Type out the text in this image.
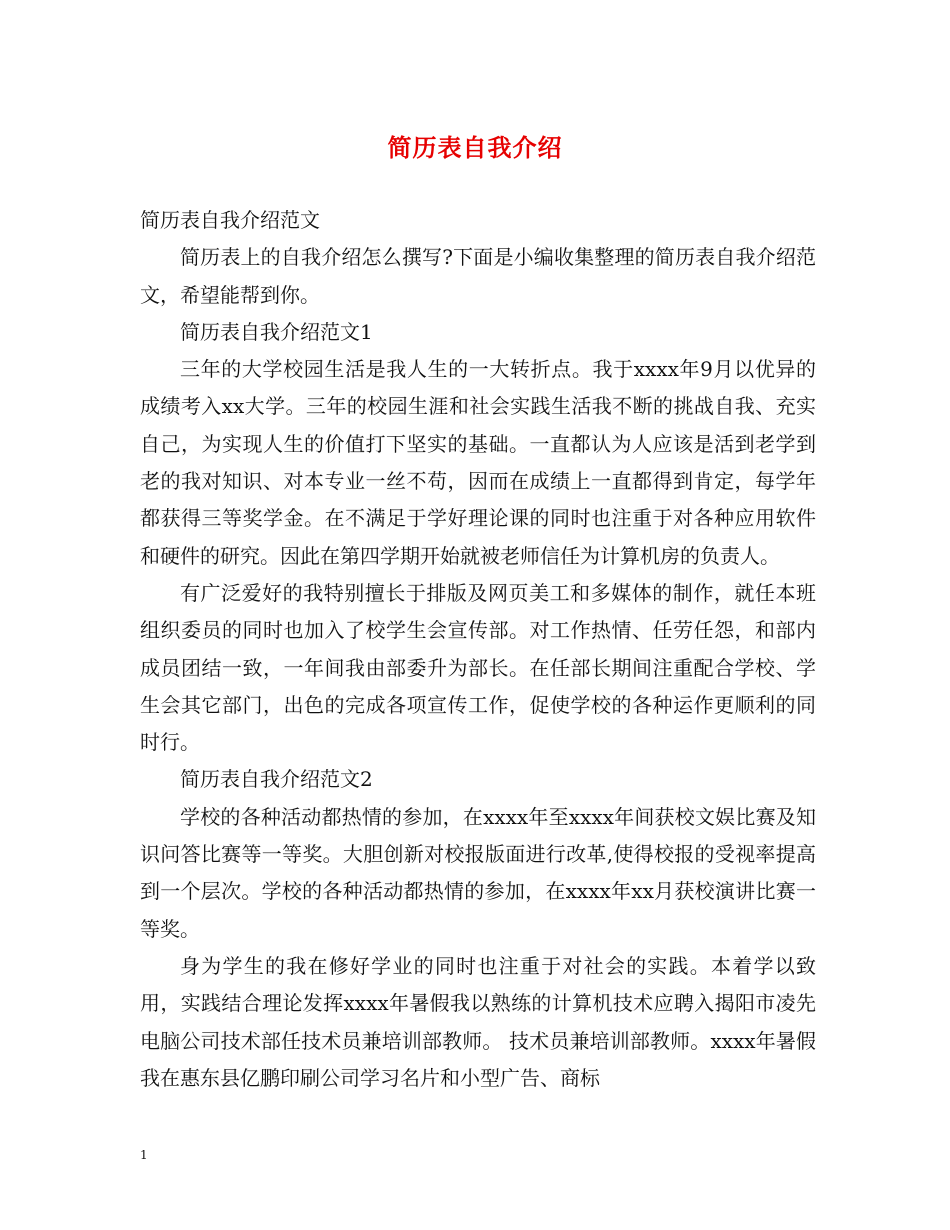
简历表自我介绍

简历表自我介绍范文

简历表上的自我介绍怎么撰写?下面是小编收集整理的简历表自我介绍范文，希望能帮到你。

简历表自我介绍范文1

三年的大学校园生活是我人生的一大转折点。我于xxxx年9月以优异的成绩考入xx大学。三年的校园生涯和社会实践生活我不断的挑战自我、充实自己，为实现人生的价值打下坚实的基础。一直都认为人应该是活到老学到老的我对知识、对本专业一丝不苟，因而在成绩上一直都得到肯定，每学年都获得三等奖学金。在不满足于学好理论课的同时也注重于对各种应用软件和硬件的研究。因此在第四学期开始就被老师信任为计算机房的负责人。

有广泛爱好的我特别擅长于排版及网页美工和多媒体的制作，就任本班组织委员的同时也加入了校学生会宣传部。对工作热情、任劳任怨，和部内成员团结一致，一年间我由部委升为部长。在任部长期间注重配合学校、学生会其它部门，出色的完成各项宣传工作，促使学校的各种运作更顺利的同时行。

简历表自我介绍范文2

学校的各种活动都热情的参加，在xxxx年至xxxx年间获校文娱比赛及知识问答比赛等一等奖。大胆创新对校报版面进行改革,使得校报的受视率提高到一个层次。学校的各种活动都热情的参加，在xxxx年xx月获校演讲比赛一等奖。

身为学生的我在修好学业的同时也注重于对社会的实践。本着学以致用，实践结合理论发挥xxxx年暑假我以熟练的计算机技术应聘入揭阳市凌先电脑公司技术部任技术员兼培训部教师。 技术员兼培训部教师。xxxx年暑假我在惠东县亿鹏印刷公司学习名片和小型广告、商标

1
